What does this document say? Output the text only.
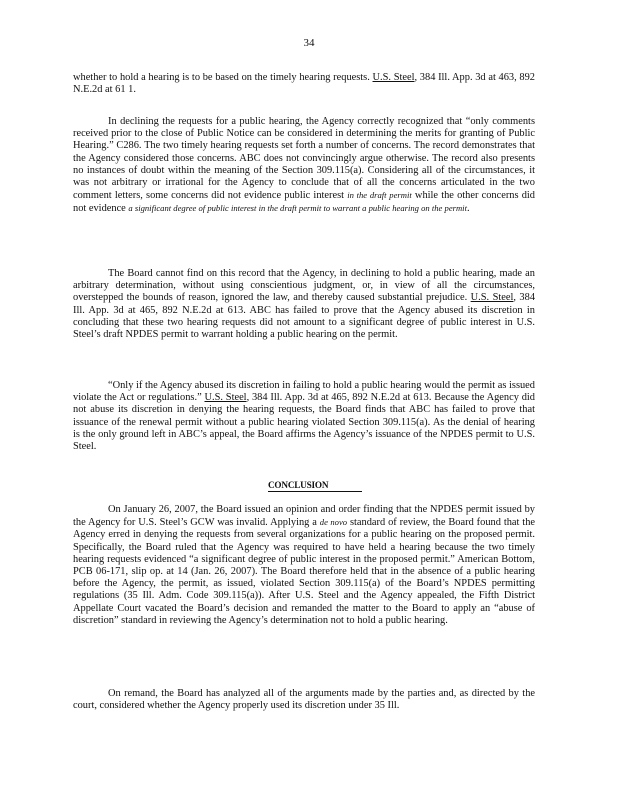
34

whether to hold a hearing is to be based on the timely hearing requests. U.S. Steel, 384 Ill. App. 3d at 463, 892 N.E.2d at 61 1.

In declining the requests for a public hearing, the Agency correctly recognized that “only comments received prior to the close of Public Notice can be considered in determining the merits for granting of Public Hearing.” C286. The two timely hearing requests set forth a number of concerns. The record demonstrates that the Agency considered those concerns. ABC does not convincingly argue otherwise. The record also presents no instances of doubt within the meaning of the Section 309.115(a). Considering all of the circumstances, it was not arbitrary or irrational for the Agency to conclude that of all the concerns articulated in the two comment letters, some concerns did not evidence public interest in the draft permit while the other concerns did not evidence a significant degree of public interest in the draft permit to warrant a public hearing on the permit.

The Board cannot find on this record that the Agency, in declining to hold a public hearing, made an arbitrary determination, without using conscientious judgment, or, in view of all the circumstances, overstepped the bounds of reason, ignored the law, and thereby caused substantial prejudice. U.S. Steel, 384 Ill. App. 3d at 465, 892 N.E.2d at 613. ABC has failed to prove that the Agency abused its discretion in concluding that these two hearing requests did not amount to a significant degree of public interest in U.S. Steel’s draft NPDES permit to warrant holding a public hearing on the permit.

“Only if the Agency abused its discretion in failing to hold a public hearing would the permit as issued violate the Act or regulations.” U.S. Steel, 384 Ill. App. 3d at 465, 892 N.E.2d at 613. Because the Agency did not abuse its discretion in denying the hearing requests, the Board finds that ABC has failed to prove that issuance of the renewal permit without a public hearing violated Section 309.115(a). As the denial of hearing is the only ground left in ABC’s appeal, the Board affirms the Agency’s issuance of the NPDES permit to U.S. Steel.

CONCLUSION

On January 26, 2007, the Board issued an opinion and order finding that the NPDES permit issued by the Agency for U.S. Steel’s GCW was invalid. Applying a de novo standard of review, the Board found that the Agency erred in denying the requests from several organizations for a public hearing on the proposed permit. Specifically, the Board ruled that the Agency was required to have held a hearing because the two timely hearing requests evidenced “a significant degree of public interest in the proposed permit.” American Bottom, PCB 06-171, slip op. at 14 (Jan. 26, 2007). The Board therefore held that in the absence of a public hearing before the Agency, the permit, as issued, violated Section 309.115(a) of the Board’s NPDES permitting regulations (35 Ill. Adm. Code 309.115(a)). After U.S. Steel and the Agency appealed, the Fifth District Appellate Court vacated the Board’s decision and remanded the matter to the Board to apply an “abuse of discretion” standard in reviewing the Agency’s determination not to hold a public hearing.

On remand, the Board has analyzed all of the arguments made by the parties and, as directed by the court, considered whether the Agency properly used its discretion under 35 Ill.
